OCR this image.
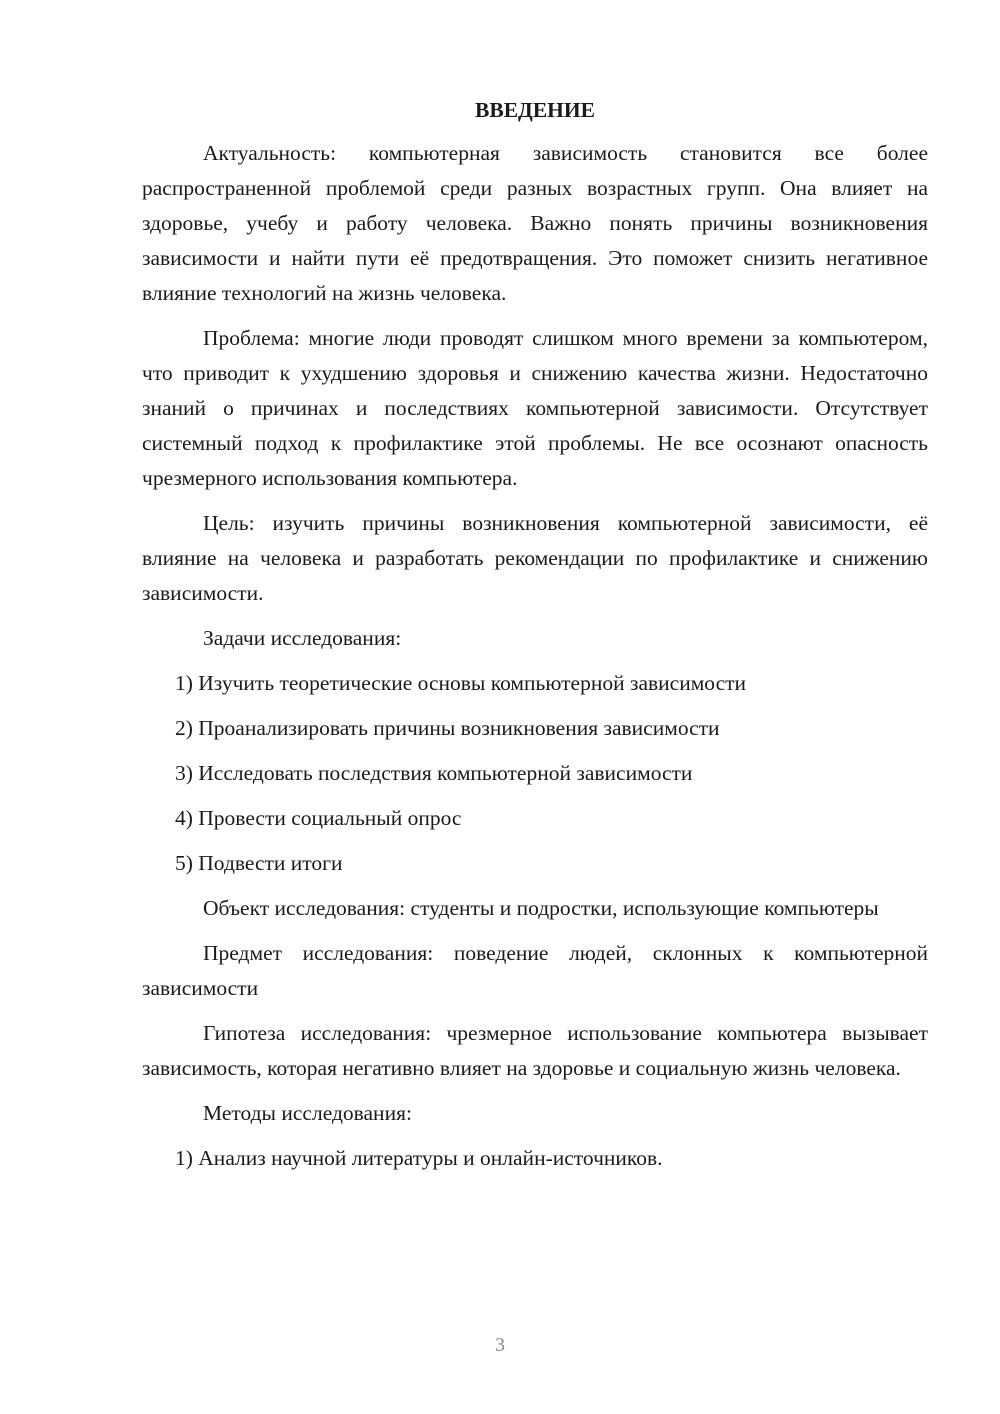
ВВЕДЕНИЕ

Актуальность: компьютерная зависимость становится все более распространенной проблемой среди разных возрастных групп. Она влияет на здоровье, учебу и работу человека. Важно понять причины возникновения зависимости и найти пути её предотвращения. Это поможет снизить негативное влияние технологий на жизнь человека.

Проблема: многие люди проводят слишком много времени за компьютером, что приводит к ухудшению здоровья и снижению качества жизни. Недостаточно знаний о причинах и последствиях компьютерной зависимости. Отсутствует системный подход к профилактике этой проблемы. Не все осознают опасность чрезмерного использования компьютера.

Цель: изучить причины возникновения компьютерной зависимости, её влияние на человека и разработать рекомендации по профилактике и снижению зависимости.

Задачи исследования:

1) Изучить теоретические основы компьютерной зависимости
2) Проанализировать причины возникновения зависимости
3) Исследовать последствия компьютерной зависимости
4) Провести социальный опрос
5) Подвести итоги

Объект исследования: студенты и подростки, использующие компьютеры

Предмет исследования: поведение людей, склонных к компьютерной зависимости

Гипотеза исследования: чрезмерное использование компьютера вызывает зависимость, которая негативно влияет на здоровье и социальную жизнь человека.

Методы исследования:

1) Анализ научной литературы и онлайн-источников.
3
